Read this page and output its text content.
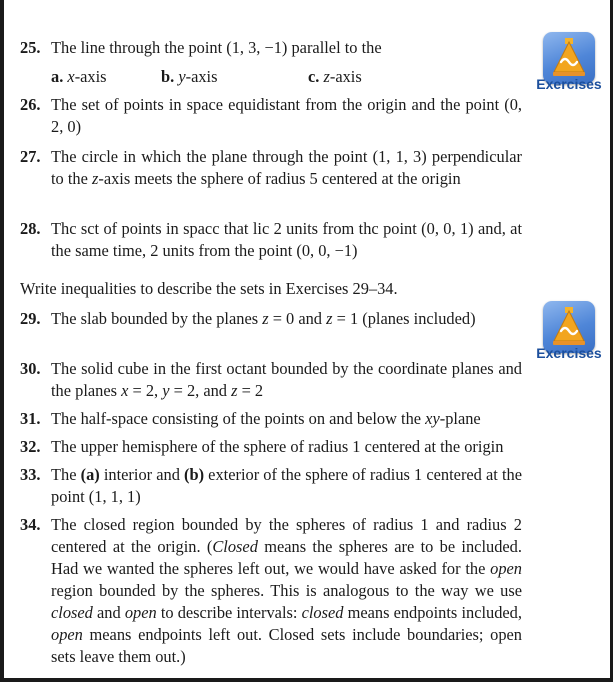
25. The line through the point (1, 3, −1) parallel to the
a. x-axis	b. y-axis	c. z-axis
26. The set of points in space equidistant from the origin and the point (0, 2, 0)
27. The circle in which the plane through the point (1, 1, 3) perpendicular to the z-axis meets the sphere of radius 5 centered at the origin
28. Thc sct of points in spacc that lic 2 units from thc point (0, 0, 1) and, at the same time, 2 units from the point (0, 0, −1)
Write inequalities to describe the sets in Exercises 29–34.
29. The slab bounded by the planes z = 0 and z = 1 (planes included)
30. The solid cube in the first octant bounded by the coordinate planes and the planes x = 2, y = 2, and z = 2
31. The half-space consisting of the points on and below the xy-plane
32. The upper hemisphere of the sphere of radius 1 centered at the origin
33. The (a) interior and (b) exterior of the sphere of radius 1 centered at the point (1, 1, 1)
34. The closed region bounded by the spheres of radius 1 and radius 2 centered at the origin. (Closed means the spheres are to be included. Had we wanted the spheres left out, we would have asked for the open region bounded by the spheres. This is analogous to the way we use closed and open to describe intervals: closed means endpoints included, open means endpoints left out. Closed sets include boundaries; open sets leave them out.)
Exercises
Exercises
